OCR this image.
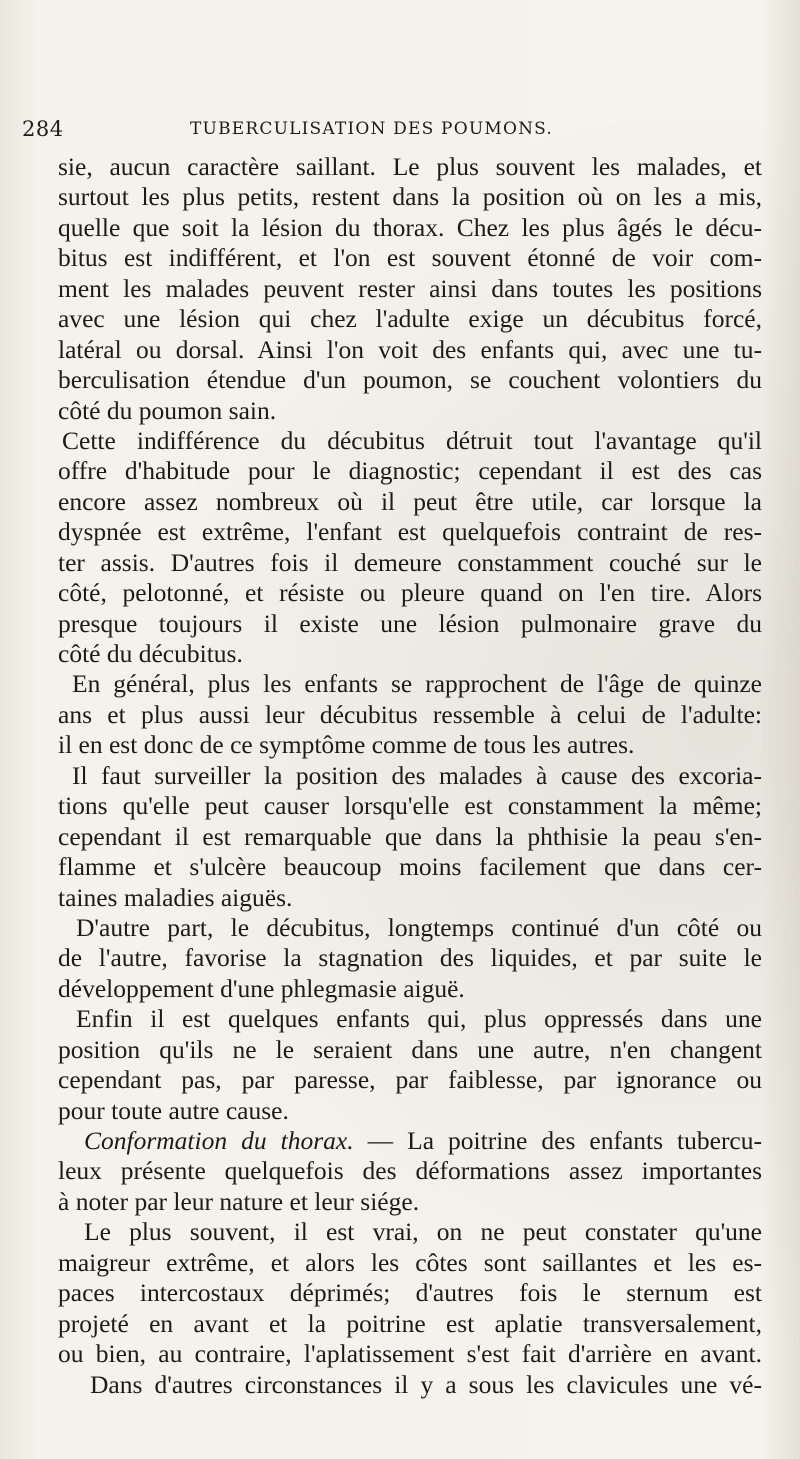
284	TUBERCULISATION DES POUMONS.
sie, aucun caractère saillant. Le plus souvent les malades, et
surtout les plus petits, restent dans la position où on les a mis,
quelle que soit la lésion du thorax. Chez les plus âgés le décu-
bitus est indifférent, et l'on est souvent étonné de voir com-
ment les malades peuvent rester ainsi dans toutes les positions
avec une lésion qui chez l'adulte exige un décubitus forcé,
latéral ou dorsal. Ainsi l'on voit des enfants qui, avec une tu-
berculisation étendue d'un poumon, se couchent volontiers du
côté du poumon sain.
Cette indifférence du décubitus détruit tout l'avantage qu'il
offre d'habitude pour le diagnostic; cependant il est des cas
encore assez nombreux où il peut être utile, car lorsque la
dyspnée est extrême, l'enfant est quelquefois contraint de res-
ter assis. D'autres fois il demeure constamment couché sur le
côté, pelotonné, et résiste ou pleure quand on l'en tire. Alors
presque toujours il existe une lésion pulmonaire grave du
côté du décubitus.
En général, plus les enfants se rapprochent de l'âge de quinze
ans et plus aussi leur décubitus ressemble à celui de l'adulte:
il en est donc de ce symptôme comme de tous les autres.
Il faut surveiller la position des malades à cause des excoria-
tions qu'elle peut causer lorsqu'elle est constamment la même;
cependant il est remarquable que dans la phthisie la peau s'en-
flamme et s'ulcère beaucoup moins facilement que dans cer-
taines maladies aiguës.
D'autre part, le décubitus, longtemps continué d'un côté ou
de l'autre, favorise la stagnation des liquides, et par suite le
développement d'une phlegmasie aiguë.
Enfin il est quelques enfants qui, plus oppressés dans une
position qu'ils ne le seraient dans une autre, n'en changent
cependant pas, par paresse, par faiblesse, par ignorance ou
pour toute autre cause.
Conformation du thorax. — La poitrine des enfants tubercu-
leux présente quelquefois des déformations assez importantes
à noter par leur nature et leur siége.
Le plus souvent, il est vrai, on ne peut constater qu'une
maigreur extrême, et alors les côtes sont saillantes et les es-
paces intercostaux déprimés; d'autres fois le sternum est
projeté en avant et la poitrine est aplatie transversalement,
ou bien, au contraire, l'aplatissement s'est fait d'arrière en avant.
Dans d'autres circonstances il y a sous les clavicules une vé-
